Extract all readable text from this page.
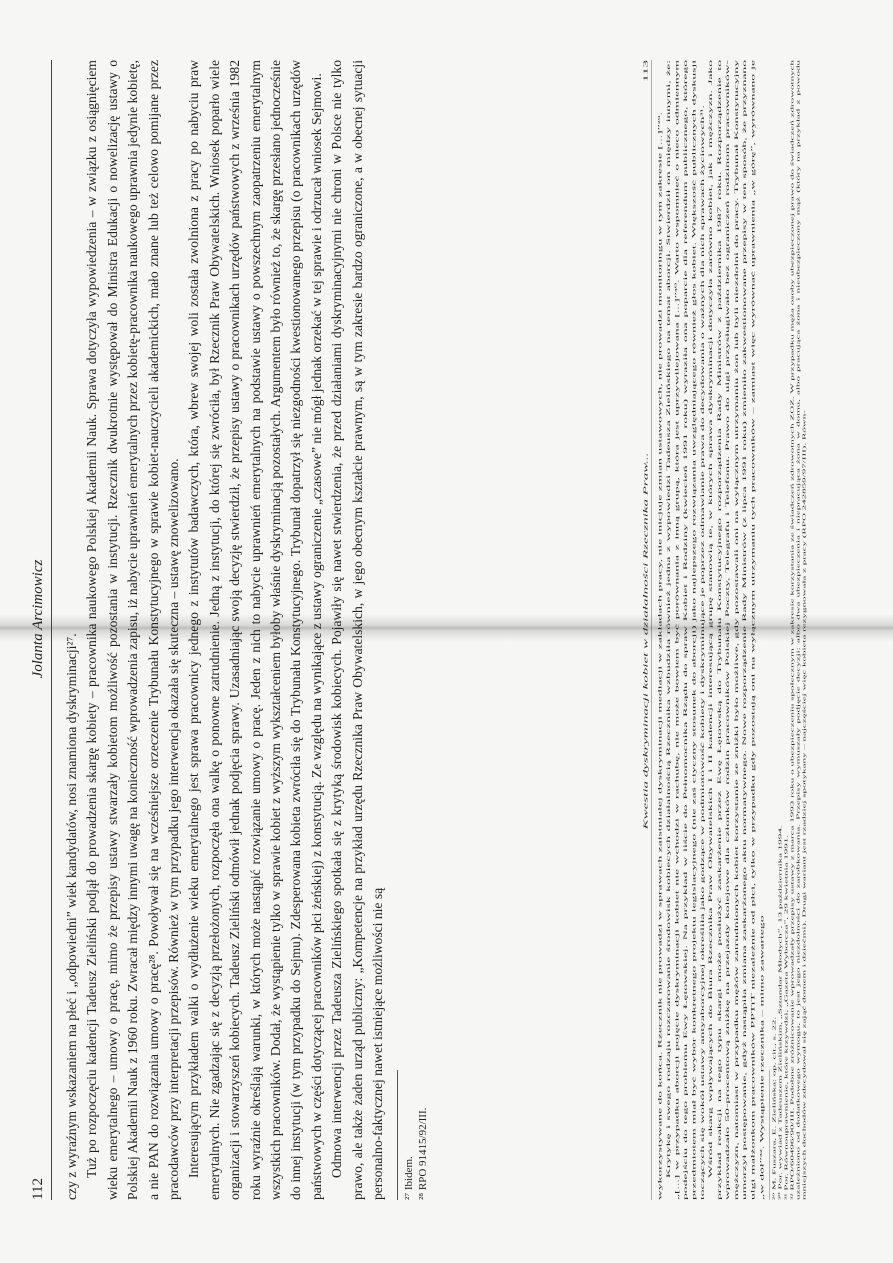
112
Jolanta Arcimowicz

czy z wyraźnym wskazaniem na płeć i „odpowiedni” wiek kandydatów, nosi znamiona dyskryminacji²⁷. Tuż po rozpoczęciu kadencji Tadeusz Zieliński podjął do prowadzenia skargę kobiety – pracownika naukowego Polskiej Akademii Nauk. Sprawa dotyczyła wypowiedzenia – w związku z osiągnięciem wieku emerytalnego – umowy o pracę, mimo że przepisy ustawy stwarzały kobietom możliwość pozostania w instytucji. Rzecznik dwukrotnie występował do Ministra Edukacji o nowelizację ustawy o Polskiej Akademii Nauk z 1960 roku. Zwracał między innymi uwagę na konieczność wprowadzenia zapisu, iż nabycie uprawnień emerytalnych przez kobietę-pracownika naukowego uprawnia jedynie kobietę, a nie PAN do rozwiązania umowy o pracę²⁸. Powoływał się na wcześniejsze orzeczenie Trybunału Konstytucyjnego w sprawie kobiet-nauczycieli akademickich, mało znane lub też celowo pomijane przez pracodawców przy interpretacji przepisów. Również w tym przypadku jego interwencja okazała się skuteczna – ustawę znowelizowano. Interesującym przykładem walki o wydłużenie wieku emerytalnego jest sprawa pracownicy jednego z instytutów badawczych, która, wbrew swojej woli została zwolniona z pracy po nabyciu praw emerytalnych. Nie zgadzając się z decyzją przełożonych, rozpoczęła ona walkę o ponowne zatrudnienie. Jedną z instytucji, do której się zwróciła, był Rzecznik Praw Obywatelskich. Wniosek poparło wiele organizacji i stowarzyszeń kobiecych. Tadeusz Zieliński odmówił jednak podjęcia sprawy. Uzasadniając swoją decyzję stwierdził, że przepisy ustawy o pracownikach urzędów państwowych z września 1982 roku wyraźnie określają warunki, w których może nastąpić rozwiązanie umowy o pracę. Jeden z nich to nabycie uprawnień emerytalnych na podstawie ustawy o powszechnym zaopatrzeniu emerytalnym wszystkich pracowników. Dodał, że wystąpienie tylko w sprawie kobiet z wyższym wykształceniem byłoby właśnie dyskryminacją pozostałych. Argumentem było również to, że skargę przesłano jednocześnie do innej instytucji (w tym przypadku do Sejmu). Zdesperowana kobieta zwróciła się do Trybunału Konstytucyjnego. Trybunał dopatrzył się niezgodności kwestionowanego przepisu (o pracownikach urzędów państwowych w części dotyczącej pracowników płci żeńskiej) z konstytucją. Ze względu na wynikające z ustawy ograniczenie „czasowe” nie mógł jednak orzekać w tej sprawie i odrzucał wniosek Sejmowi. Odmowa interwencji przez Tadeusza Zielińskiego spotkała się z krytyką środowisk kobiecych. Pojawiły się nawet stwierdzenia, że przed działaniami dyskryminacyjnymi nie chroni w Polsce nie tylko prawo, ale także żaden urząd publiczny: „Kompetencje na przykład urzędu Rzecznika Praw Obywatelskich, w jego obecnym kształcie prawnym, są w tym zakresie bardzo ograniczone, a w obecnej sytuacji personalno-faktycznej nawet istniejące możliwości nie są	²⁷ Ibidem. ²⁸ RPO 91415/92/III.
Kwestia dyskryminacji kobiet w działalności Rzecznika Praw...
113

wykorzystywane do końca. Rzecznik nie prowadzi w sprawach zaistniałej dyskryminacji mediacji w zakładach pracy, nie inicjuje zmian ustawowych, nie prowadzi monitoringu w tym zakresie [...]”²⁹. Krytykę i swego rodzaju rozczarowanie środowisk kobiecych działalnością Rzecznika wzbudziła również jedna z wypowiedzi Tadeusza Zielińskiego na temat aborcji. Stwierdził on między innymi, że: „[...] w przypadku aborcji pojęcie dyskryminacji kobiet nie wchodzi w rachubę, nie może bowiem być porównania z inną grupą, która jest uprzywilejowana [...]”³⁰. Warto wspomnieć o nieco odmiennym podejściu do tego problemu Ewy Łętowskiej. Na przykład w liście do Pełnomocnika Rządu do spraw Kobiet i Rodziny (kwiecień 1991 roku) wyraziła ona poparcie dla referendum publicznego, którego przedmiotem miał być wybór konkretnego projektu legislacyjnego (nie zaś ciyczny stosunek do aborcji) jako najlepszego rozwiązania uwzględniającego również głos kobiet. Większość publicznych dyskusji toczących się wokół ustawy antyaborcyjnej określiła jako godzące w podmiotowość kobiety i dyskryminujące je poprzez odmawianie prawa do decydowania o ważnych dla nich sprawach życiowych³¹. Wśród skarg wpływających do Biura Rzecznika Praw Obywatelskich I i II kadencji interesującą grupę stanowią te, w których sprawa dyskryminacji dotyczyła zarówno kobiet, jak i mężczyzn. Jako przykład reakcji na tego typu skargi może posłużyć zaskarżenie przez Ewę Łętowską do Trybunału Konstytucyjnego rozporządzenia Rady Ministrów z października 1987 roku. Rozporządzenie to wprowadzało 50-procentową zniżkę na przejazdy kolejowe dla członków rodzin pracowników Polskiej Poczty, Telegrafu i Telefonu. Prawo do ulgi przysługiwało bez ograniczeń rodzinom pracowników-mężczyzn, natomiast w przypadku mężów zatrudnionych kobiet korzystanie ze zniżki było możliwe, gdy pozostawali oni na wyłącznym utrzymaniu żon lub byli niezdolni do pracy. Trybunał Konstytucyjny umorzył postępowanie, gdyż nastąpiła zmiana zaskarżonego aktu normatywnego. Nowe rozporządzenie Rady Ministrów (z lipca 1991 roku) zmieniło zakwestionowane przepisy w ten sposób, że przyznano ulgi małżonkom pracowników PPTiT niezależnie od płci, tylko w przypadku gdy pozostają oni na wyłącznym utrzymaniu tych pracowników – zamiast więc wyrównać uprawnienia „w górę”, wyrównano je „w dół”³². Wystąpienie rzecznika – mimo zawartego ²⁹ M. Fuszara, E. Zielińska: op. cit., s. 22. ³⁰ Por. wywiad z Tadeuszem Zielińskim, „Sztandar Młodych”, 13 października 1994. ³¹ Por. Równouprawnienie, które krzywdzi, „Gazeta Wyborcza”, 29 kwietnia 1991. ³² RPO/60496/90/III. Podobne zróżnicowanie wprowadzały przepisy ustawy z marca 1993 roku o ubezpieczeniu społecznym w zakresie korzystania ze świadczeń zdrowotnych ZOZ. W przypadku męża osoby ubezpieczonej prawo do świadczeń zdrowotnych uzależniono od dodatkowego wymogu, to jest jego niezdolności do zarobkowania. Przepisy wymuszały podjęcie decyzji: albo dwa ubezpieczenia i niepracująca żona w domu, albo pracująca żona i nieubezpieczony mąż (który na przykład z powodu mniejszych dochodów zdecydował się zająć domem i dziećmi). Drugi wariant jest rzadziej spotykany – najczęściej więc kobieta rezygnowała z pracy (RPO 242859/97/III). Równ-
